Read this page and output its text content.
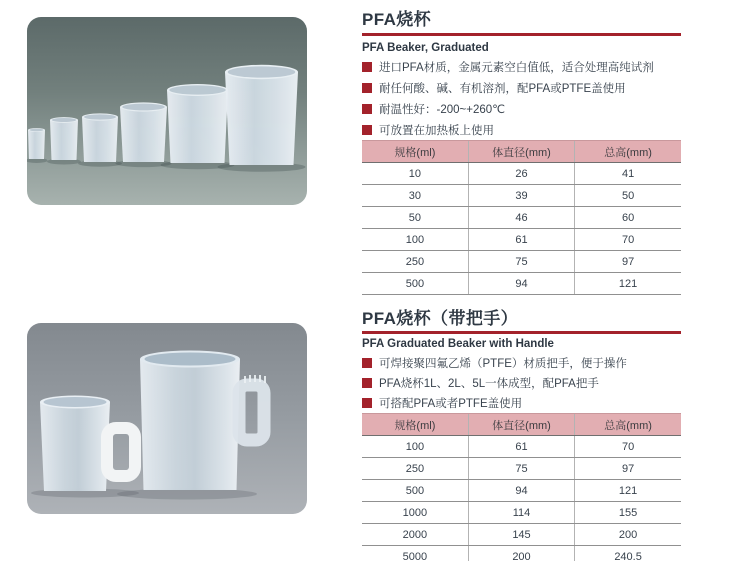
PFA烧杯
PFA Beaker, Graduated
进口PFA材质，金属元素空白值低，适合处理高纯试剂
耐任何酸、碱、有机溶剂，配PFA或PTFE盖使用
耐温性好：-200~+260℃
可放置在加热板上使用
规格(ml)	体直径(mm)	总高(mm)
10	26	41
30	39	50
50	46	60
100	61	70
250	75	97
500	94	121
PFA烧杯（带把手）
PFA Graduated Beaker with Handle
可焊接聚四氟乙烯（PTFE）材质把手，便于操作
PFA烧杯1L、2L、5L一体成型，配PFA把手
可搭配PFA或者PTFE盖使用
规格(ml)	体直径(mm)	总高(mm)
100	61	70
250	75	97
500	94	121
1000	114	155
2000	145	200
5000	200	240.5
